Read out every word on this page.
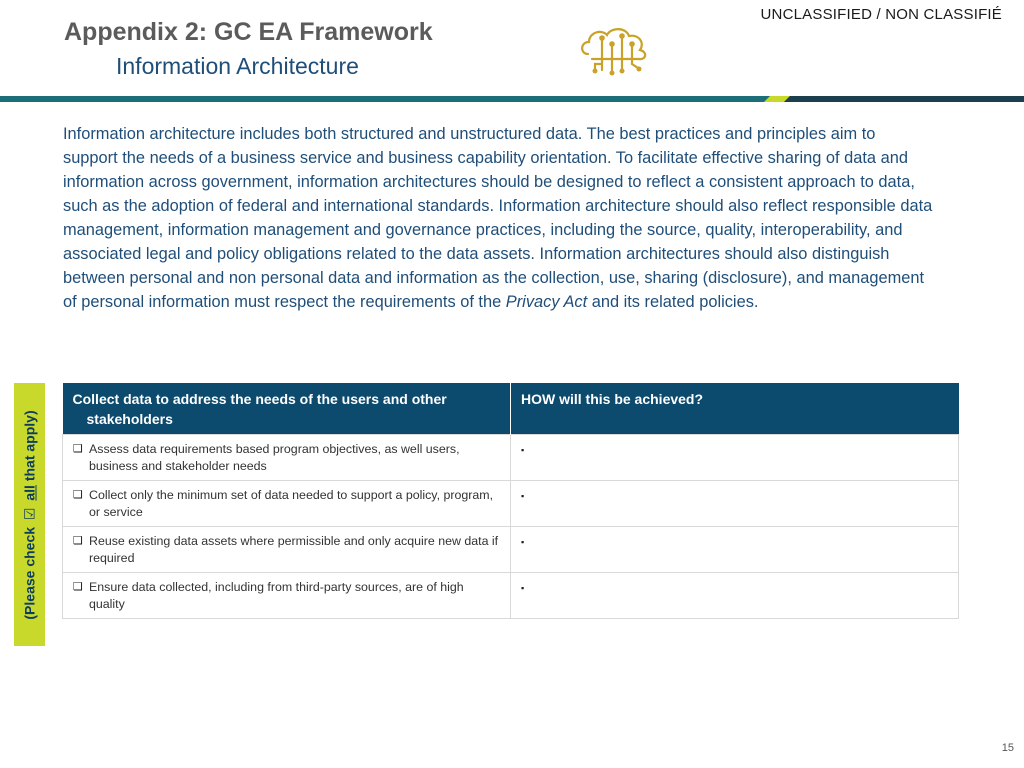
UNCLASSIFIED / NON CLASSIFIÉ
Appendix 2: GC EA Framework
Information Architecture
Information architecture includes both structured and unstructured data. The best practices and principles aim to support the needs of a business service and business capability orientation. To facilitate effective sharing of data and information across government, information architectures should be designed to reflect a consistent approach to data, such as the adoption of federal and international standards. Information architecture should also reflect responsible data management, information management and governance practices, including the source, quality, interoperability, and associated legal and policy obligations related to the data assets. Information architectures should also distinguish between personal and non personal data and information as the collection, use, sharing (disclosure), and management of personal information must respect the requirements of the Privacy Act and its related policies.
(Please check ☑ all that apply)
Collect data to address the needs of the users and other stakeholders	HOW will this be achieved?

❑ Assess data requirements based program objectives, as well users, business and stakeholder needs	▪

❑ Collect only the minimum set of data needed to support a policy, program, or service	▪

❑ Reuse existing data assets where permissible and only acquire new data if required	▪

❑ Ensure data collected, including from third-party sources, are of high quality	▪
15
